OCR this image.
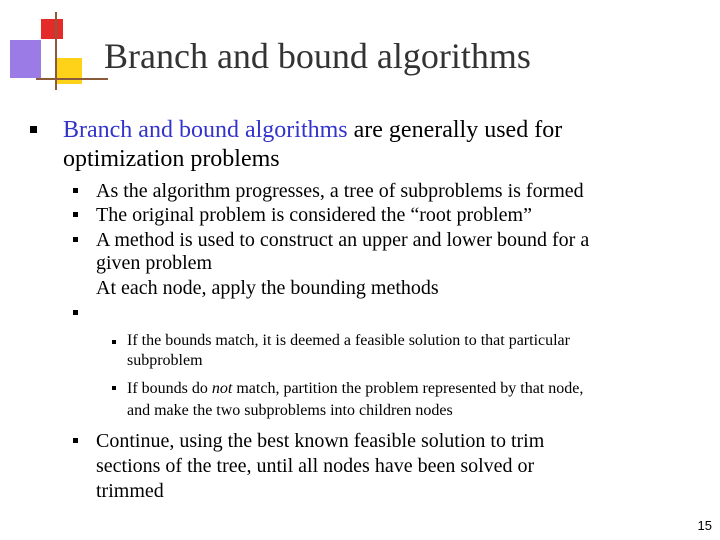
Branch and bound algorithms
Branch and bound algorithms are generally used for
optimization problems
As the algorithm progresses, a tree of subproblems is formed
The original problem is considered the “root problem”
A method is used to construct an upper and lower bound for a
given problem
At each node, apply the bounding methods
If the bounds match, it is deemed a feasible solution to that particular
subproblem
If bounds do not match, partition the problem represented by that node,
and make the two subproblems into children nodes
Continue, using the best known feasible solution to trim
sections of the tree, until all nodes have been solved or
trimmed
15
